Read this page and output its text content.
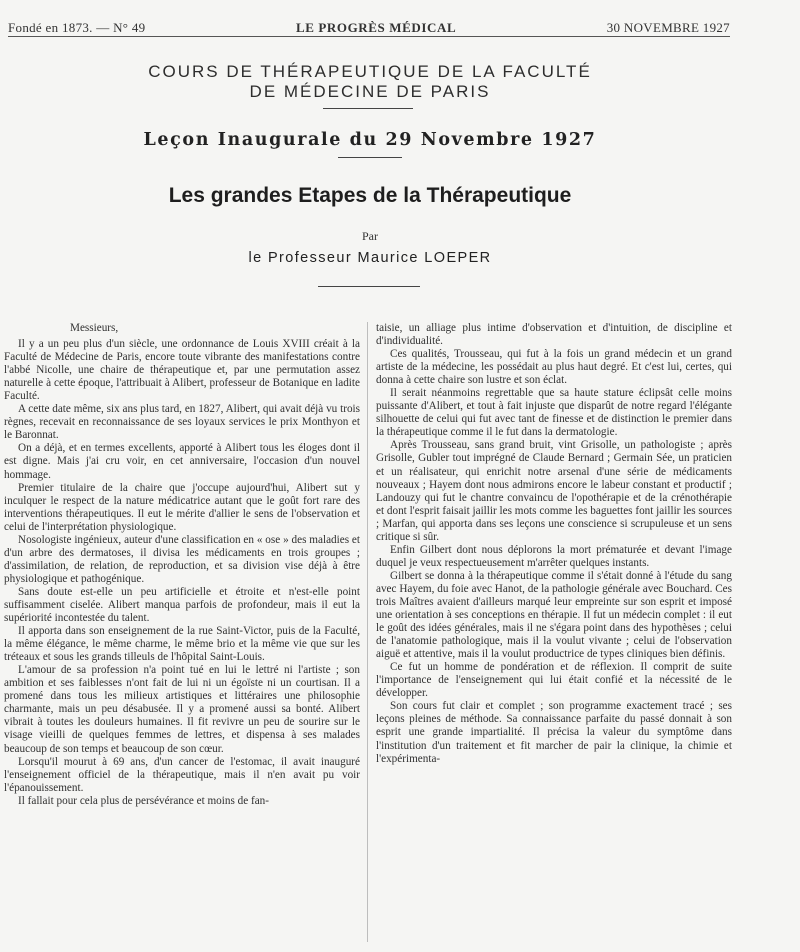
Fondé en 1873. — N° 49	LE PROGRÈS MÉDICAL	30 NOVEMBRE 1927
COURS DE THÉRAPEUTIQUE DE LA FACULTÉ
DE MÉDECINE DE PARIS
Leçon Inaugurale du 29 Novembre 1927
Les grandes Etapes de la Thérapeutique
Par
le Professeur Maurice LOEPER

Messieurs,

Il y a un peu plus d'un siècle, une ordonnance de Louis XVIII créait à la Faculté de Médecine de Paris, encore toute vibrante des manifestations contre l'abbé Nicolle, une chaire de thérapeutique et, par une permutation assez naturelle à cette époque, l'attribuait à Alibert, professeur de Botanique en ladite Faculté.

A cette date même, six ans plus tard, en 1827, Alibert, qui avait déjà vu trois règnes, recevait en reconnaissance de ses loyaux services le prix Monthyon et le Baronnat.

On a déjà, et en termes excellents, apporté à Alibert tous les éloges dont il est digne. Mais j'ai cru voir, en cet anniversaire, l'occasion d'un nouvel hommage.

Premier titulaire de la chaire que j'occupe aujourd'hui, Alibert sut y inculquer le respect de la nature médicatrice autant que le goût fort rare des interventions thérapeutiques. Il eut le mérite d'allier le sens de l'observation et celui de l'interprétation physiologique.

Nosologiste ingénieux, auteur d'une classification en « ose » des maladies et d'un arbre des dermatoses, il divisa les médicaments en trois groupes ; d'assimilation, de relation, de reproduction, et sa division vise déjà à être physiologique et pathogénique.

Sans doute est-elle un peu artificielle et étroite et n'est-elle point suffisamment ciselée. Alibert manqua parfois de profondeur, mais il eut la supériorité incontestée du talent.

Il apporta dans son enseignement de la rue Saint-Victor, puis de la Faculté, la même élégance, le même charme, le même brio et la même vie que sur les tréteaux et sous les grands tilleuls de l'hôpital Saint-Louis.

L'amour de sa profession n'a point tué en lui le lettré ni l'artiste ; son ambition et ses faiblesses n'ont fait de lui ni un égoïste ni un courtisan. Il a promené dans tous les milieux artistiques et littéraires une philosophie charmante, mais un peu désabusée. Il y a promené aussi sa bonté. Alibert vibrait à toutes les douleurs humaines. Il fit revivre un peu de sourire sur le visage vieilli de quelques femmes de lettres, et dispensa à ses malades beaucoup de son temps et beaucoup de son cœur.

Lorsqu'il mourut à 69 ans, d'un cancer de l'estomac, il avait inauguré l'enseignement officiel de la thérapeutique, mais il n'en avait pu voir l'épanouissement.

Il fallait pour cela plus de persévérance et moins de fan-

taisie, un alliage plus intime d'observation et d'intuition, de discipline et d'individualité.

Ces qualités, Trousseau, qui fut à la fois un grand médecin et un grand artiste de la médecine, les possédait au plus haut degré. Et c'est lui, certes, qui donna à cette chaire son lustre et son éclat.

Il serait néanmoins regrettable que sa haute stature éclipsât celle moins puissante d'Alibert, et tout à fait injuste que disparût de notre regard l'élégante silhouette de celui qui fut avec tant de finesse et de distinction le premier dans la thérapeutique comme il le fut dans la dermatologie.

Après Trousseau, sans grand bruit, vint Grisolle, un pathologiste ; après Grisolle, Gubler tout imprégné de Claude Bernard ; Germain Sée, un praticien et un réalisateur, qui enrichit notre arsenal d'une série de médicaments nouveaux ; Hayem dont nous admirons encore le labeur constant et productif ; Landouzy qui fut le chantre convaincu de l'opothérapie et de la crénothérapie et dont l'esprit faisait jaillir les mots comme les baguettes font jaillir les sources ; Marfan, qui apporta dans ses leçons une conscience si scrupuleuse et un sens critique si sûr.

Enfin Gilbert dont nous déplorons la mort prématurée et devant l'image duquel je veux respectueusement m'arrêter quelques instants.

Gilbert se donna à la thérapeutique comme il s'était donné à l'étude du sang avec Hayem, du foie avec Hanot, de la pathologie générale avec Bouchard. Ces trois Maîtres avaient d'ailleurs marqué leur empreinte sur son esprit et imposé une orientation à ses conceptions en thérapie. Il fut un médecin complet : il eut le goût des idées générales, mais il ne s'égara point dans des hypothèses ; celui de l'anatomie pathologique, mais il la voulut vivante ; celui de l'observation aiguë et attentive, mais il la voulut productrice de types cliniques bien définis.

Ce fut un homme de pondération et de réflexion. Il comprit de suite l'importance de l'enseignement qui lui était confié et la nécessité de le développer.

Son cours fut clair et complet ; son programme exactement tracé ; ses leçons pleines de méthode. Sa connaissance parfaite du passé donnait à son esprit une grande impartialité. Il précisa la valeur du symptôme dans l'institution d'un traitement et fit marcher de pair la clinique, la chimie et l'expérimenta-
